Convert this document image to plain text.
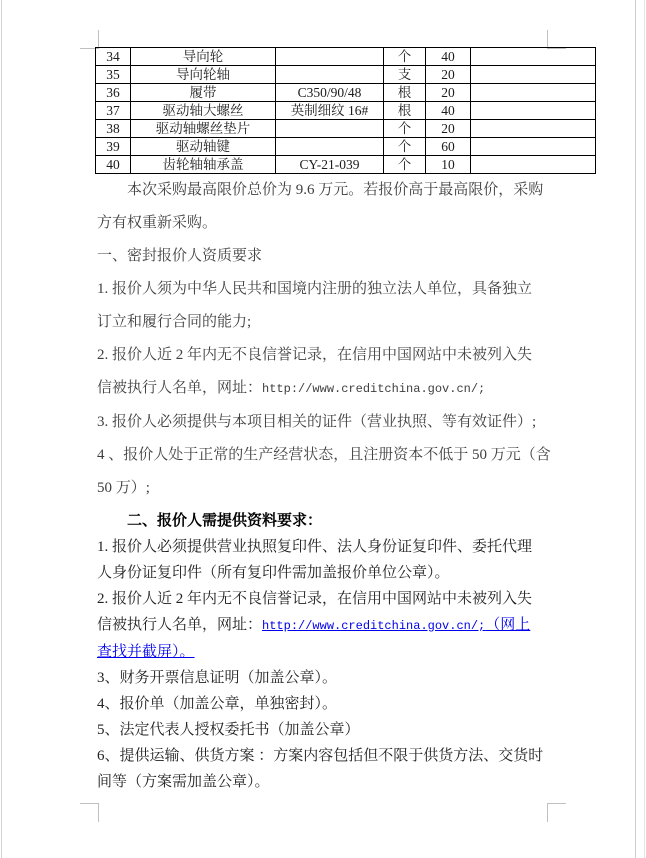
34	导向轮		个	40	
35	导向轮轴		支	20	
36	履带	C350/90/48	根	20	
37	驱动轴大螺丝	英制细纹 16#	根	40	
38	驱动轴螺丝垫片		个	20	
39	驱动轴键		个	60	
40	齿轮轴轴承盖	CY-21-039	个	10	
本次采购最高限价总价为 9.6 万元。若报价高于最高限价，采购
方有权重新采购。
一、密封报价人资质要求
1. 报价人须为中华人民共和国境内注册的独立法人单位，具备独立
订立和履行合同的能力;
2. 报价人近 2 年内无不良信誉记录，在信用中国网站中未被列入失
信被执行人名单，网址：http://www.creditchina.gov.cn/;
3. 报价人必须提供与本项目相关的证件（营业执照、等有效证件）;
4 、报价人处于正常的生产经营状态，且注册资本不低于 50 万元（含
50 万）;
二、报价人需提供资料要求：
1. 报价人必须提供营业执照复印件、法人身份证复印件、委托代理
人身份证复印件（所有复印件需加盖报价单位公章）。
2. 报价人近 2 年内无不良信誉记录，在信用中国网站中未被列入失
信被执行人名单，网址：http://www.creditchina.gov.cn/;（网上
查找并截屏）。
3、财务开票信息证明（加盖公章）。
4、报价单（加盖公章，单独密封）。
5、法定代表人授权委托书（加盖公章）
6、提供运输、供货方案 ：方案内容包括但不限于供货方法、交货时
间等（方案需加盖公章）。
